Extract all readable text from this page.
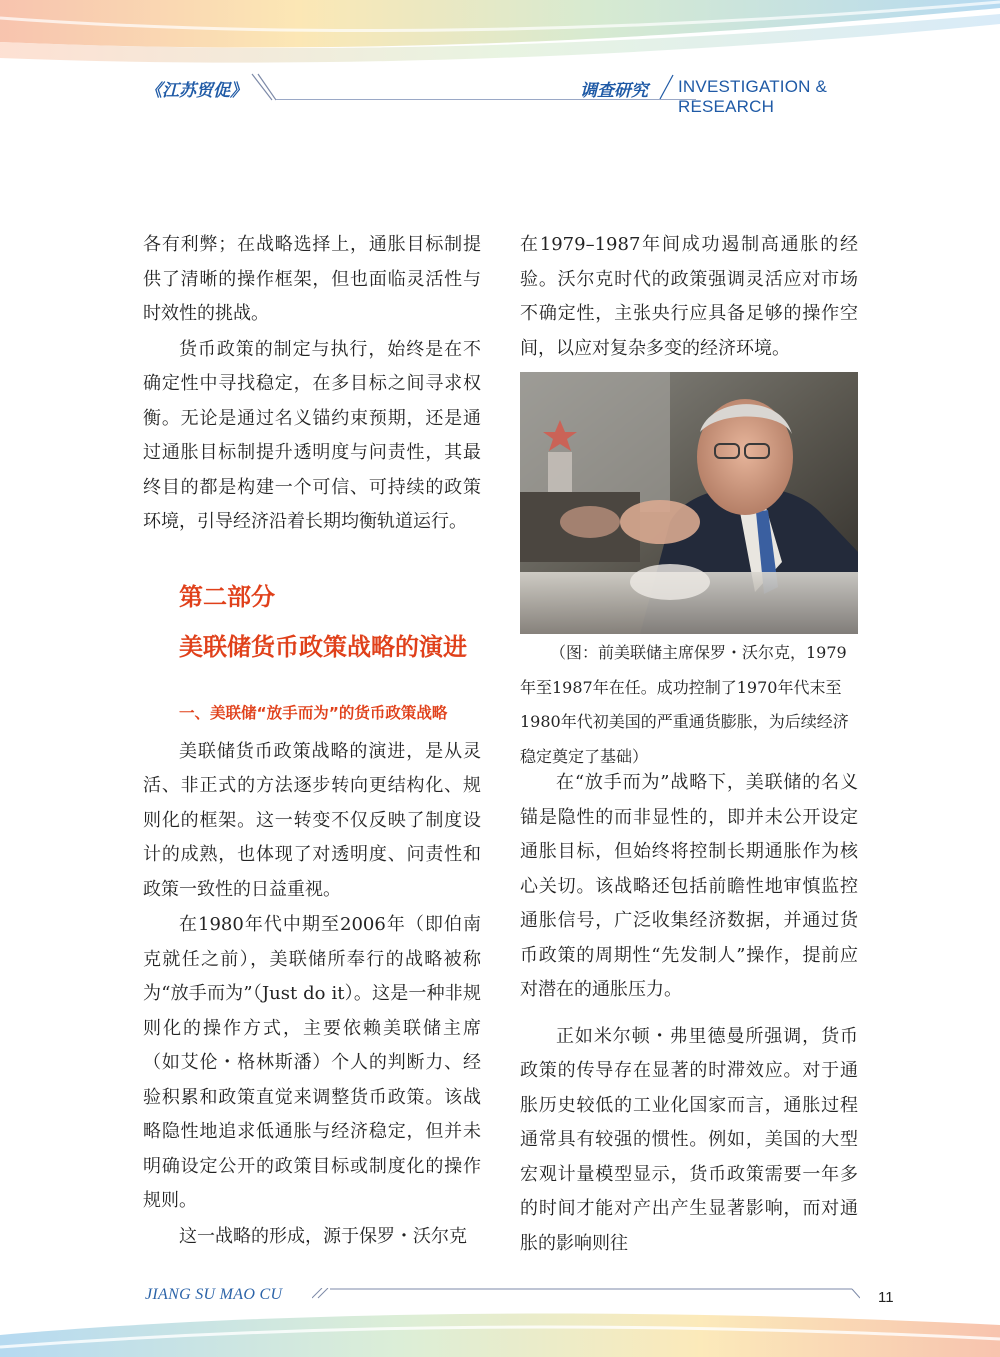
《江苏贸促》	调查研究 INVESTIGATION & RESEARCH

各有利弊；在战略选择上，通胀目标制提供了清晰的操作框架，但也面临灵活性与时效性的挑战。

货币政策的制定与执行，始终是在不确定性中寻找稳定，在多目标之间寻求权衡。无论是通过名义锚约束预期，还是通过通胀目标制提升透明度与问责性，其最终目的都是构建一个可信、可持续的政策环境，引导经济沿着长期均衡轨道运行。

第二部分
美联储货币政策战略的演进
一、美联储“放手而为”的货币政策战略

美联储货币政策战略的演进，是从灵活、非正式的方法逐步转向更结构化、规则化的框架。这一转变不仅反映了制度设计的成熟，也体现了对透明度、问责性和政策一致性的日益重视。

在1980年代中期至2006年（即伯南克就任之前），美联储所奉行的战略被称为“放手而为”（Just do it）。这是一种非规则化的操作方式，主要依赖美联储主席（如艾伦・格林斯潘）个人的判断力、经验积累和政策直觉来调整货币政策。该战略隐性地追求低通胀与经济稳定，但并未明确设定公开的政策目标或制度化的操作规则。

这一战略的形成，源于保罗・沃尔克

在1979–1987年间成功遏制高通胀的经验。沃尔克时代的政策强调灵活应对市场不确定性，主张央行应具备足够的操作空间，以应对复杂多变的经济环境。

（图：前美联储主席保罗・沃尔克，1979年至1987年在任。成功控制了1970年代末至1980年代初美国的严重通货膨胀，为后续经济稳定奠定了基础）

在“放手而为”战略下，美联储的名义锚是隐性的而非显性的，即并未公开设定通胀目标，但始终将控制长期通胀作为核心关切。该战略还包括前瞻性地审慎监控通胀信号，广泛收集经济数据，并通过货币政策的周期性“先发制人”操作，提前应对潜在的通胀压力。

正如米尔顿・弗里德曼所强调，货币政策的传导存在显著的时滞效应。对于通胀历史较低的工业化国家而言，通胀过程通常具有较强的惯性。例如，美国的大型宏观计量模型显示，货币政策需要一年多的时间才能对产出产生显著影响，而对通胀的影响则往

JIANG SU MAO CU	11
